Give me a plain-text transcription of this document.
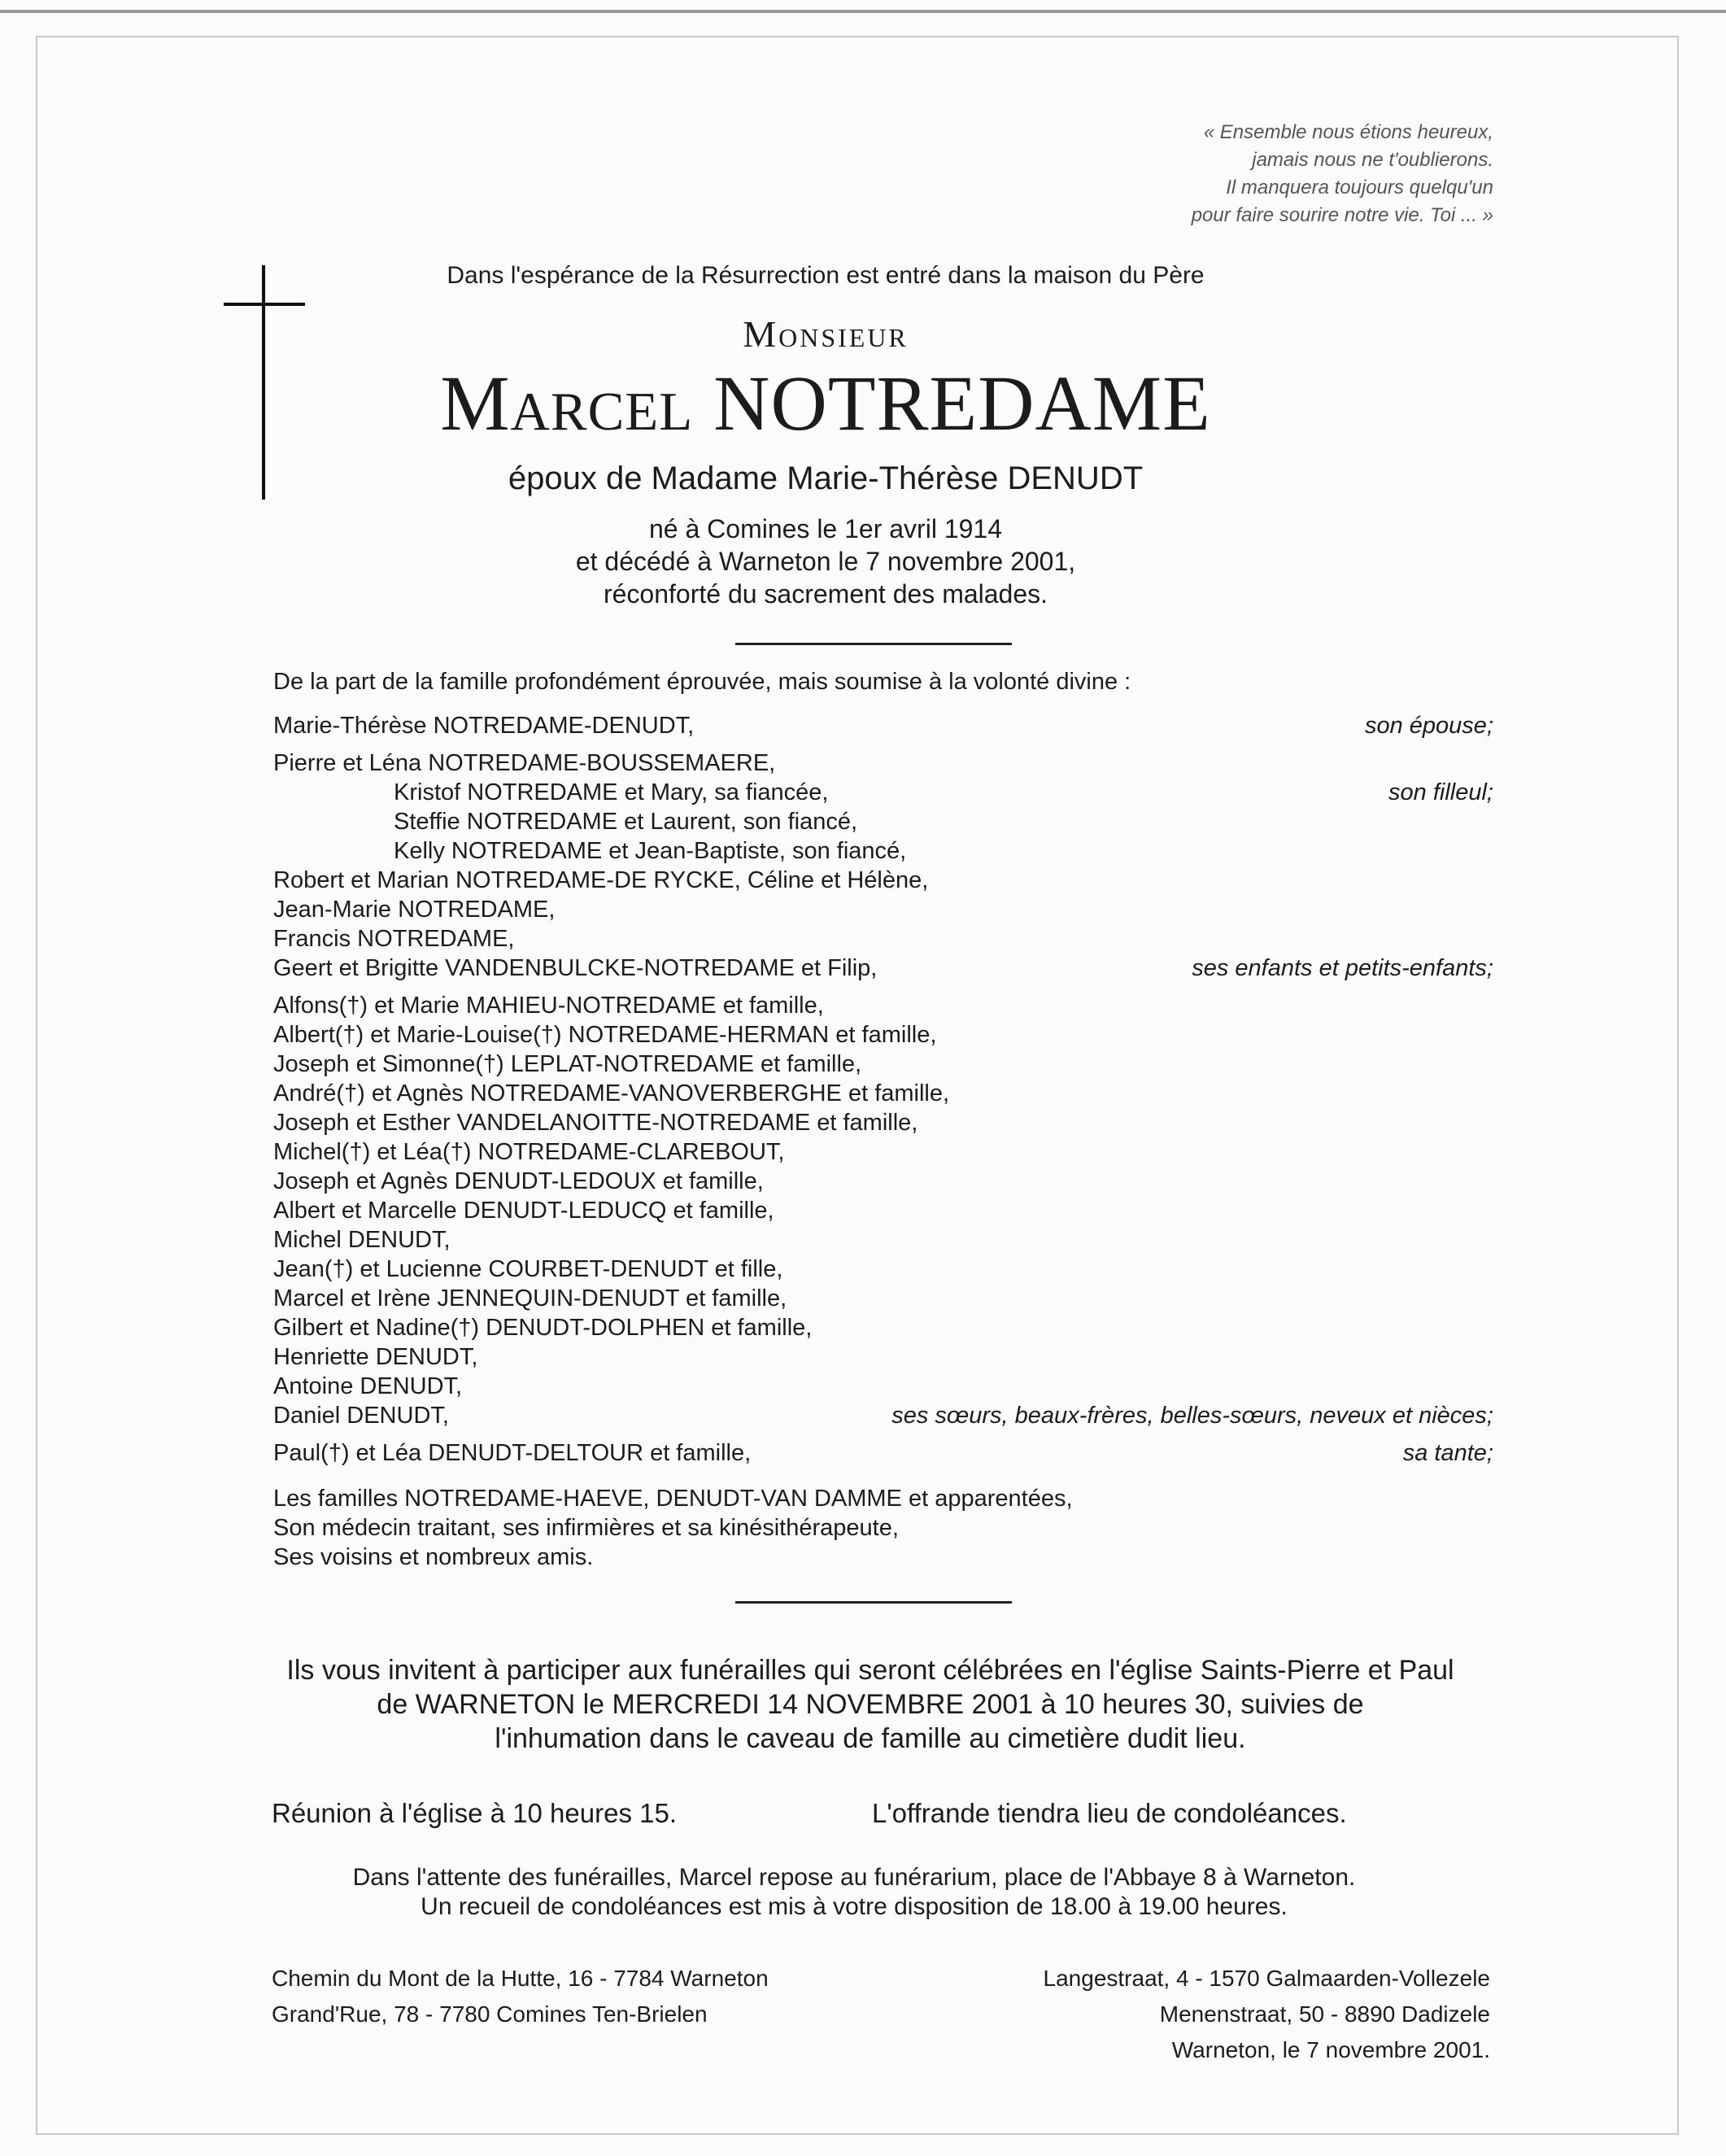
« Ensemble nous étions heureux,
jamais nous ne t'oublierons.
Il manquera toujours quelqu'un
pour faire sourire notre vie. Toi ... »
Dans l'espérance de la Résurrection est entré dans la maison du Père
Monsieur
Marcel NOTREDAME
époux de Madame Marie-Thérèse DENUDT
né à Comines le 1er avril 1914
et décédé à Warneton le 7 novembre 2001,
réconforté du sacrement des malades.
De la part de la famille profondément éprouvée, mais soumise à la volonté divine :
Marie-Thérèse NOTREDAME-DENUDT,	son épouse;
Pierre et Léna NOTREDAME-BOUSSEMAERE,
Kristof NOTREDAME et Mary, sa fiancée,	son filleul;
Steffie NOTREDAME et Laurent, son fiancé,
Kelly NOTREDAME et Jean-Baptiste, son fiancé,
Robert et Marian NOTREDAME-DE RYCKE, Céline et Hélène,
Jean-Marie NOTREDAME,
Francis NOTREDAME,
Geert et Brigitte VANDENBULCKE-NOTREDAME et Filip,	ses enfants et petits-enfants;
Alfons(†) et Marie MAHIEU-NOTREDAME et famille,
Albert(†) et Marie-Louise(†) NOTREDAME-HERMAN et famille,
Joseph et Simonne(†) LEPLAT-NOTREDAME et famille,
André(†) et Agnès NOTREDAME-VANOVERBERGHE et famille,
Joseph et Esther VANDELANOITTE-NOTREDAME et famille,
Michel(†) et Léa(†) NOTREDAME-CLAREBOUT,
Joseph et Agnès DENUDT-LEDOUX et famille,
Albert et Marcelle DENUDT-LEDUCQ et famille,
Michel DENUDT,
Jean(†) et Lucienne COURBET-DENUDT et fille,
Marcel et Irène JENNEQUIN-DENUDT et famille,
Gilbert et Nadine(†) DENUDT-DOLPHEN et famille,
Henriette DENUDT,
Antoine DENUDT,
Daniel DENUDT,	ses sœurs, beaux-frères, belles-sœurs, neveux et nièces;
Paul(†) et Léa DENUDT-DELTOUR et famille,	sa tante;
Les familles NOTREDAME-HAEVE, DENUDT-VAN DAMME et apparentées,
Son médecin traitant, ses infirmières et sa kinésithérapeute,
Ses voisins et nombreux amis.
Ils vous invitent à participer aux funérailles qui seront célébrées en l'église Saints-Pierre et Paul
de WARNETON le MERCREDI 14 NOVEMBRE 2001 à 10 heures 30, suivies de
l'inhumation dans le caveau de famille au cimetière dudit lieu.
Réunion à l'église à 10 heures 15.	L'offrande tiendra lieu de condoléances.
Dans l'attente des funérailles, Marcel repose au funérarium, place de l'Abbaye 8 à Warneton.
Un recueil de condoléances est mis à votre disposition de 18.00 à 19.00 heures.
Chemin du Mont de la Hutte, 16 - 7784 Warneton
Grand'Rue, 78 - 7780 Comines Ten-Brielen
Langestraat, 4 - 1570 Galmaarden-Vollezele
Menenstraat, 50 - 8890 Dadizele
Warneton, le 7 novembre 2001.
